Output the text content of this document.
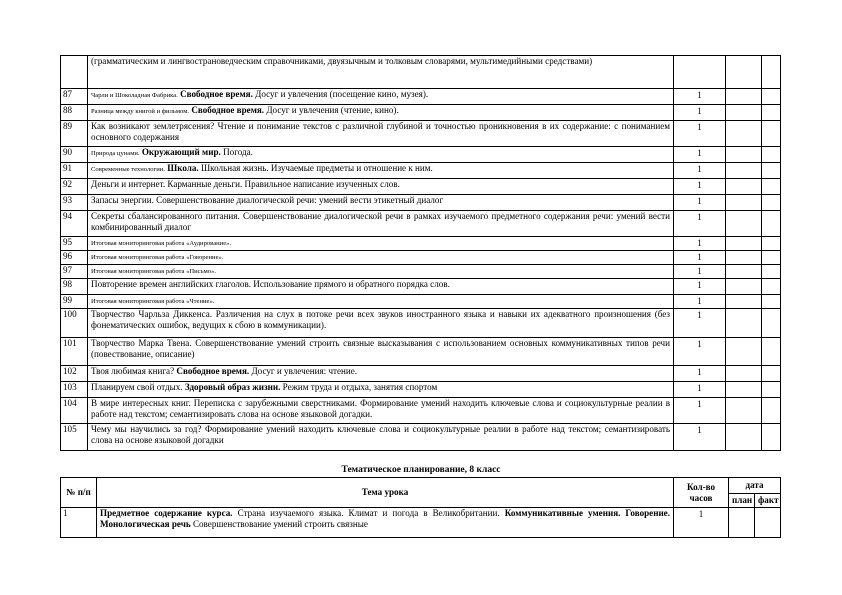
	(грамматическим и лингвострановедческим справочниками, двуязычным и толковым словарями, мультимедийными средствами)			
87	Чарли и Шоколадная Фабрика. Свободное время. Досуг и увлечения (посещение кино, музея).	1		
88	Разница между книгой и фильмом. Свободное время. Досуг и увлечения (чтение, кино).	1		
89	Как возникают землетрясения? Чтение и понимание текстов с различной глубиной и точностью проникновения в их содержание: с пониманием основного содержания	1		
90	Природа цунами. Окружающий мир. Погода.	1		
91	Современные технологии. Школа. Школьная жизнь. Изучаемые предметы и отношение к ним.	1		
92	Деньги и интернет. Карманные деньги. Правильное написание изученных слов.	1		
93	Запасы энергии. Совершенствование диалогической речи: умений вести этикетный диалог	1		
94	Секреты сбалансированного питания. Совершенствование диалогической речи в рамках изучаемого предметного содержания речи: умений вести комбинированный диалог	1		
95	Итоговая мониторинговая работа «Аудирование».	1		
96	Итоговая мониторинговая работа «Говорение».	1		
97	Итоговая мониторинговая работа «Письмо».	1		
98	Повторение времен английских глаголов. Использование прямого и обратного порядка слов.	1		
99	Итоговая мониторинговая работа «Чтение».	1		
100	Творчество Чарльза Диккенса. Различения на слух в потоке речи всех звуков иностранного языка и навыки их адекватного произношения (без фонематических ошибок, ведущих к сбою в коммуникации).	1		
101	Творчество Марка Твена. Совершенствование умений строить связные высказывания с использованием основных коммуникативных типов речи (повествование, описание)	1		
102	Твоя любимая книга? Свободное время. Досуг и увлечения: чтение.	1		
103	Планируем свой отдых. Здоровый образ жизни. Режим труда и отдыха, занятия спортом	1		
104	В мире интересных книг. Переписка с зарубежными сверстниками. Формирование умений находить ключевые слова и социокультурные реалии в работе над текстом; семантизировать слова на основе языковой догадки.	1		
105	Чему мы научились за год? Формирование умений находить ключевые слова и социокультурные реалии в работе над текстом; семантизировать слова на основе языковой догадки	1		
Тематическое планирование, 8 класс
№ п/п	Тема урока	Кол-во часов	дата	
			план	факт
1	Предметное содержание курса. Страна изучаемого языка. Климат и погода в Великобритании. Коммуникативные умения. Говорение. Монологическая речь Совершенствование умений строить связные	1		
